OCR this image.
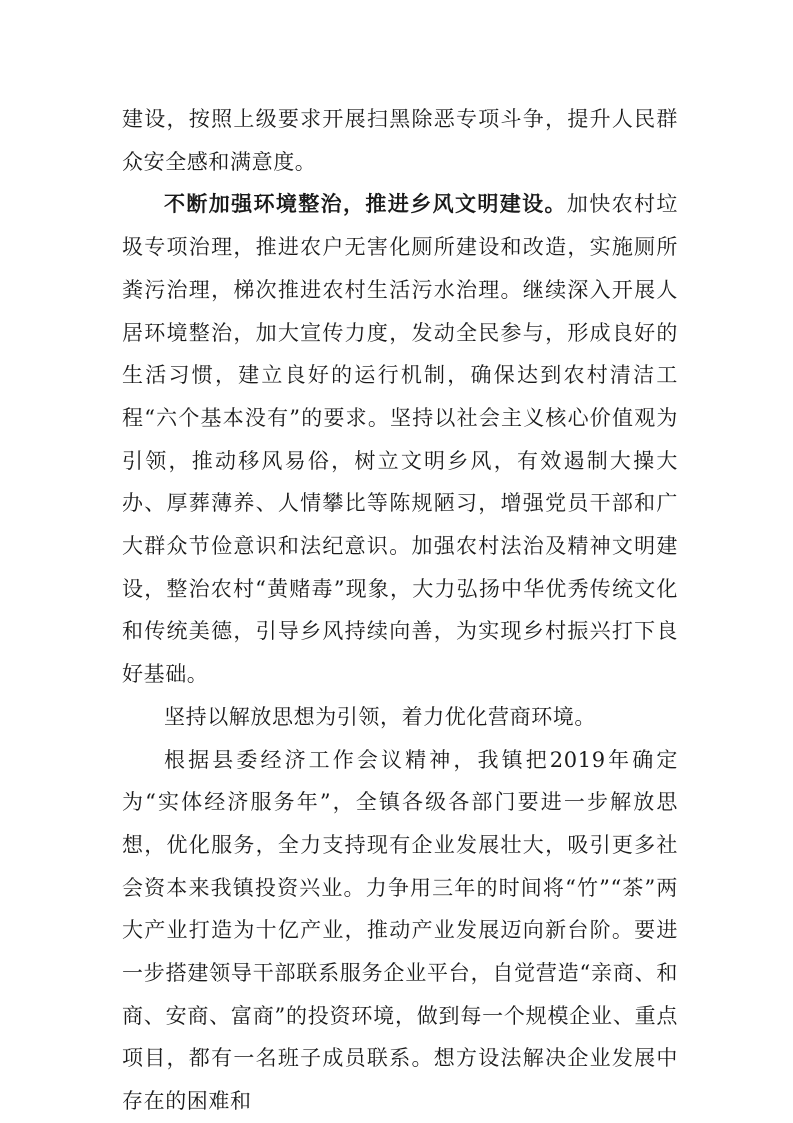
建设，按照上级要求开展扫黑除恶专项斗争，提升人民群众安全感和满意度。

不断加强环境整治，推进乡风文明建设。加快农村垃圾专项治理，推进农户无害化厕所建设和改造，实施厕所粪污治理，梯次推进农村生活污水治理。继续深入开展人居环境整治，加大宣传力度，发动全民参与，形成良好的生活习惯，建立良好的运行机制，确保达到农村清洁工程“六个基本没有”的要求。坚持以社会主义核心价值观为引领，推动移风易俗，树立文明乡风，有效遏制大操大办、厚葬薄养、人情攀比等陈规陋习，增强党员干部和广大群众节俭意识和法纪意识。加强农村法治及精神文明建设，整治农村“黄赌毒”现象，大力弘扬中华优秀传统文化和传统美德，引导乡风持续向善，为实现乡村振兴打下良好基础。

坚持以解放思想为引领，着力优化营商环境。

根据县委经济工作会议精神，我镇把2019年确定为“实体经济服务年”，全镇各级各部门要进一步解放思想，优化服务，全力支持现有企业发展壮大，吸引更多社会资本来我镇投资兴业。力争用三年的时间将“竹”“茶”两大产业打造为十亿产业，推动产业发展迈向新台阶。要进一步搭建领导干部联系服务企业平台，自觉营造“亲商、和商、安商、富商”的投资环境，做到每一个规模企业、重点项目，都有一名班子成员联系。想方设法解决企业发展中存在的困难和
